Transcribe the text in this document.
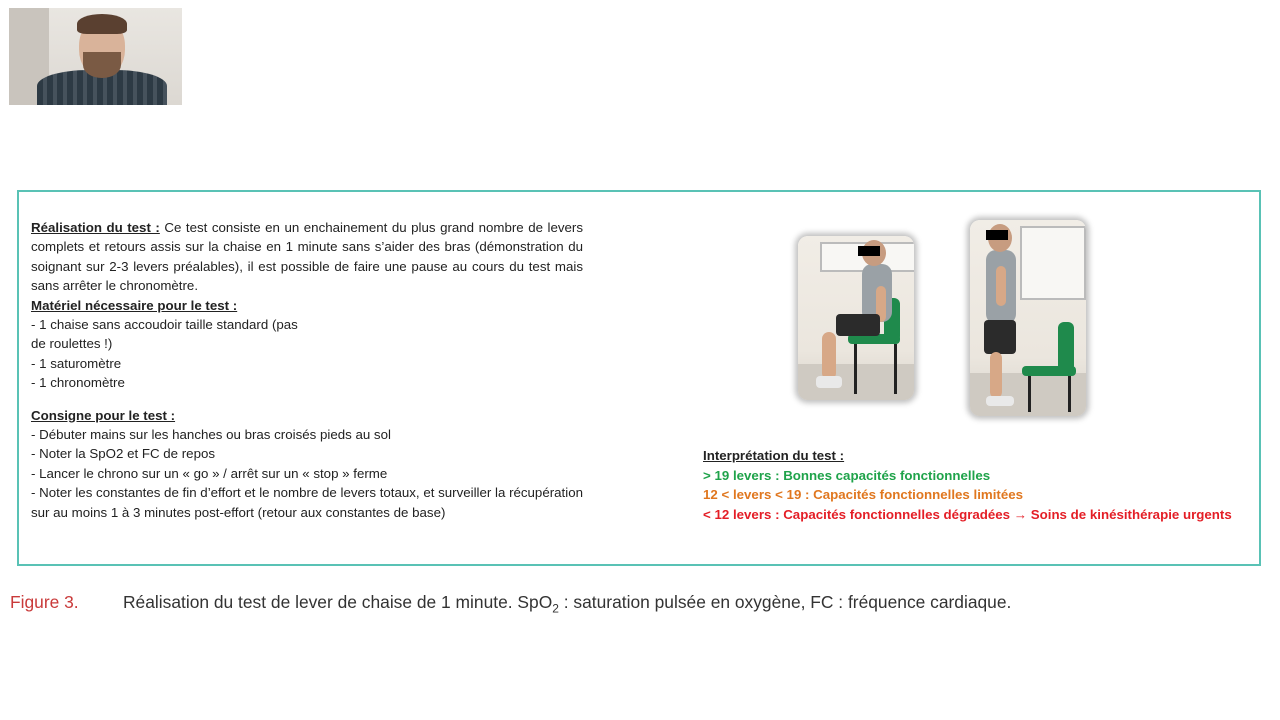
Réalisation du test : Ce test consiste en un enchainement du plus grand nombre de levers complets et retours assis sur la chaise en 1 minute sans s’aider des bras (démonstration du soignant sur 2-3 levers préalables), il est possible de faire une pause au cours du test mais sans arrêter le chronomètre.

Matériel nécessaire pour le test :
- 1 chaise sans accoudoir taille standard (pas
de roulettes !)
- 1 saturomètre
- 1 chronomètre
Consigne pour le test :
- Débuter mains sur les hanches ou bras croisés pieds au sol
- Noter la SpO2 et FC de repos
- Lancer le chrono sur un « go » / arrêt sur un « stop » ferme
- Noter les constantes de fin d’effort et le nombre de levers totaux, et surveiller la récupération sur au moins 1 à 3 minutes post-effort (retour aux constantes de base)
Interprétation du test :
> 19 levers : Bonnes capacités fonctionnelles
12 < levers < 19 : Capacités fonctionnelles limitées
< 12 levers : Capacités fonctionnelles dégradées → Soins de kinésithérapie urgents
Figure 3.	Réalisation du test de lever de chaise de 1 minute. SpO$_2$ : saturation pulsée en oxygène, FC : fréquence cardiaque.
